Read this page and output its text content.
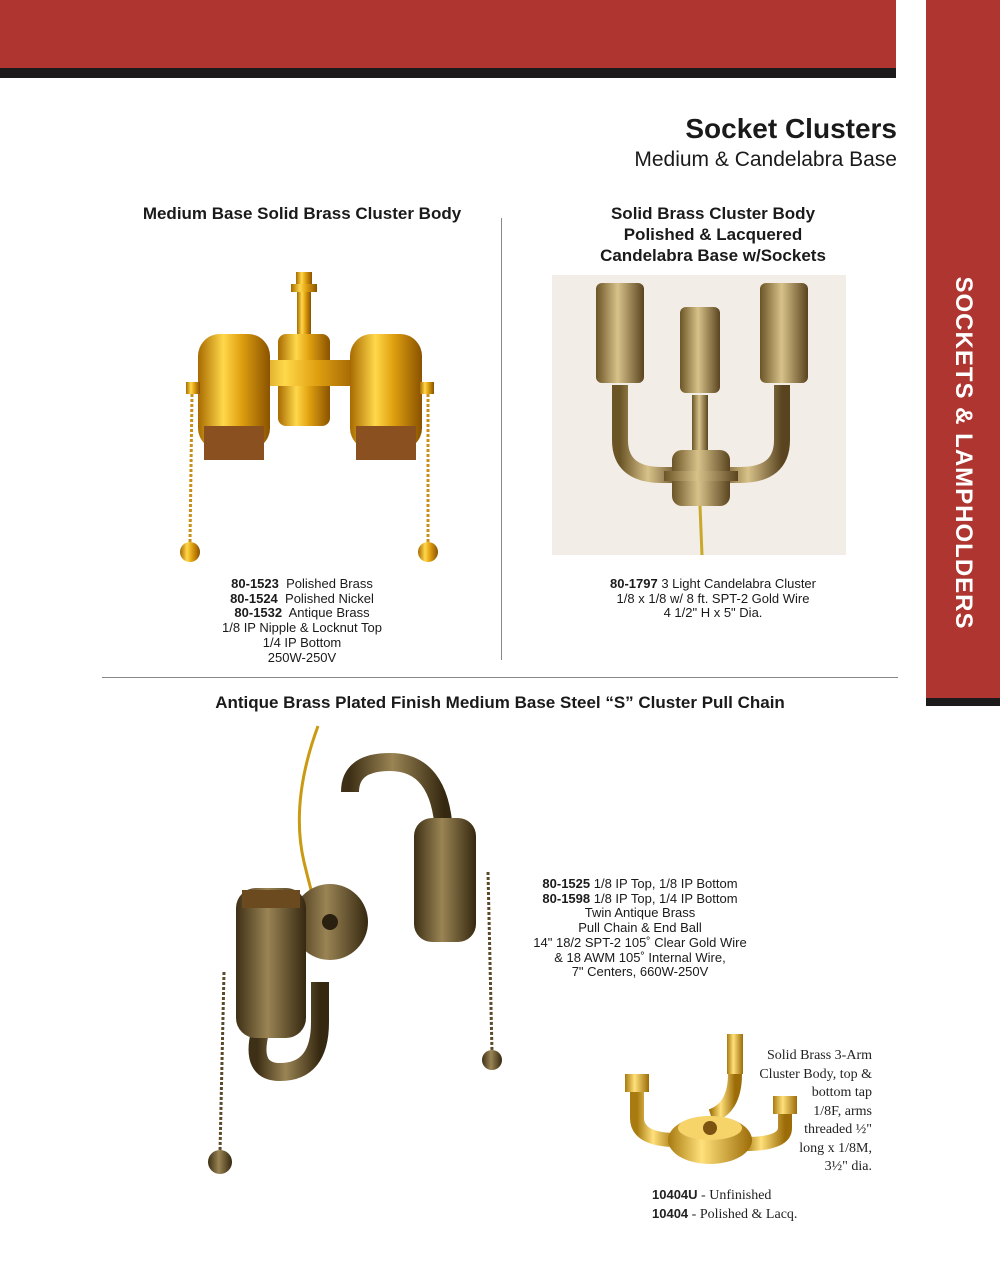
SOCKETS & LAMPHOLDERS
Socket Clusters
Medium & Candelabra Base
Medium Base Solid Brass Cluster Body	Solid Brass Cluster Body
Polished & Lacquered
Candelabra Base w/Sockets
Antique Brass Plated Finish Medium Base Steel “S” Cluster Pull Chain
80-1523 Polished Brass
80-1524 Polished Nickel
80-1532 Antique Brass
1/8 IP Nipple & Locknut Top
1/4 IP Bottom
250W-250V
80-1797 3 Light Candelabra Cluster
1/8 x 1/8 w/ 8 ft. SPT-2 Gold Wire
4 1/2" H x 5" Dia.
80-1525 1/8 IP Top, 1/8 IP Bottom
80-1598 1/8 IP Top, 1/4 IP Bottom
Twin Antique Brass
Pull Chain & End Ball
14" 18/2 SPT-2 105˚ Clear Gold Wire
& 18 AWM 105˚ Internal Wire,
7" Centers, 660W-250V
Solid Brass 3-Arm
Cluster Body, top &
bottom tap
1/8F, arms
threaded ½"
long x 1/8M,
3½" dia.
10404U - Unfinished
10404 - Polished & Lacq.
